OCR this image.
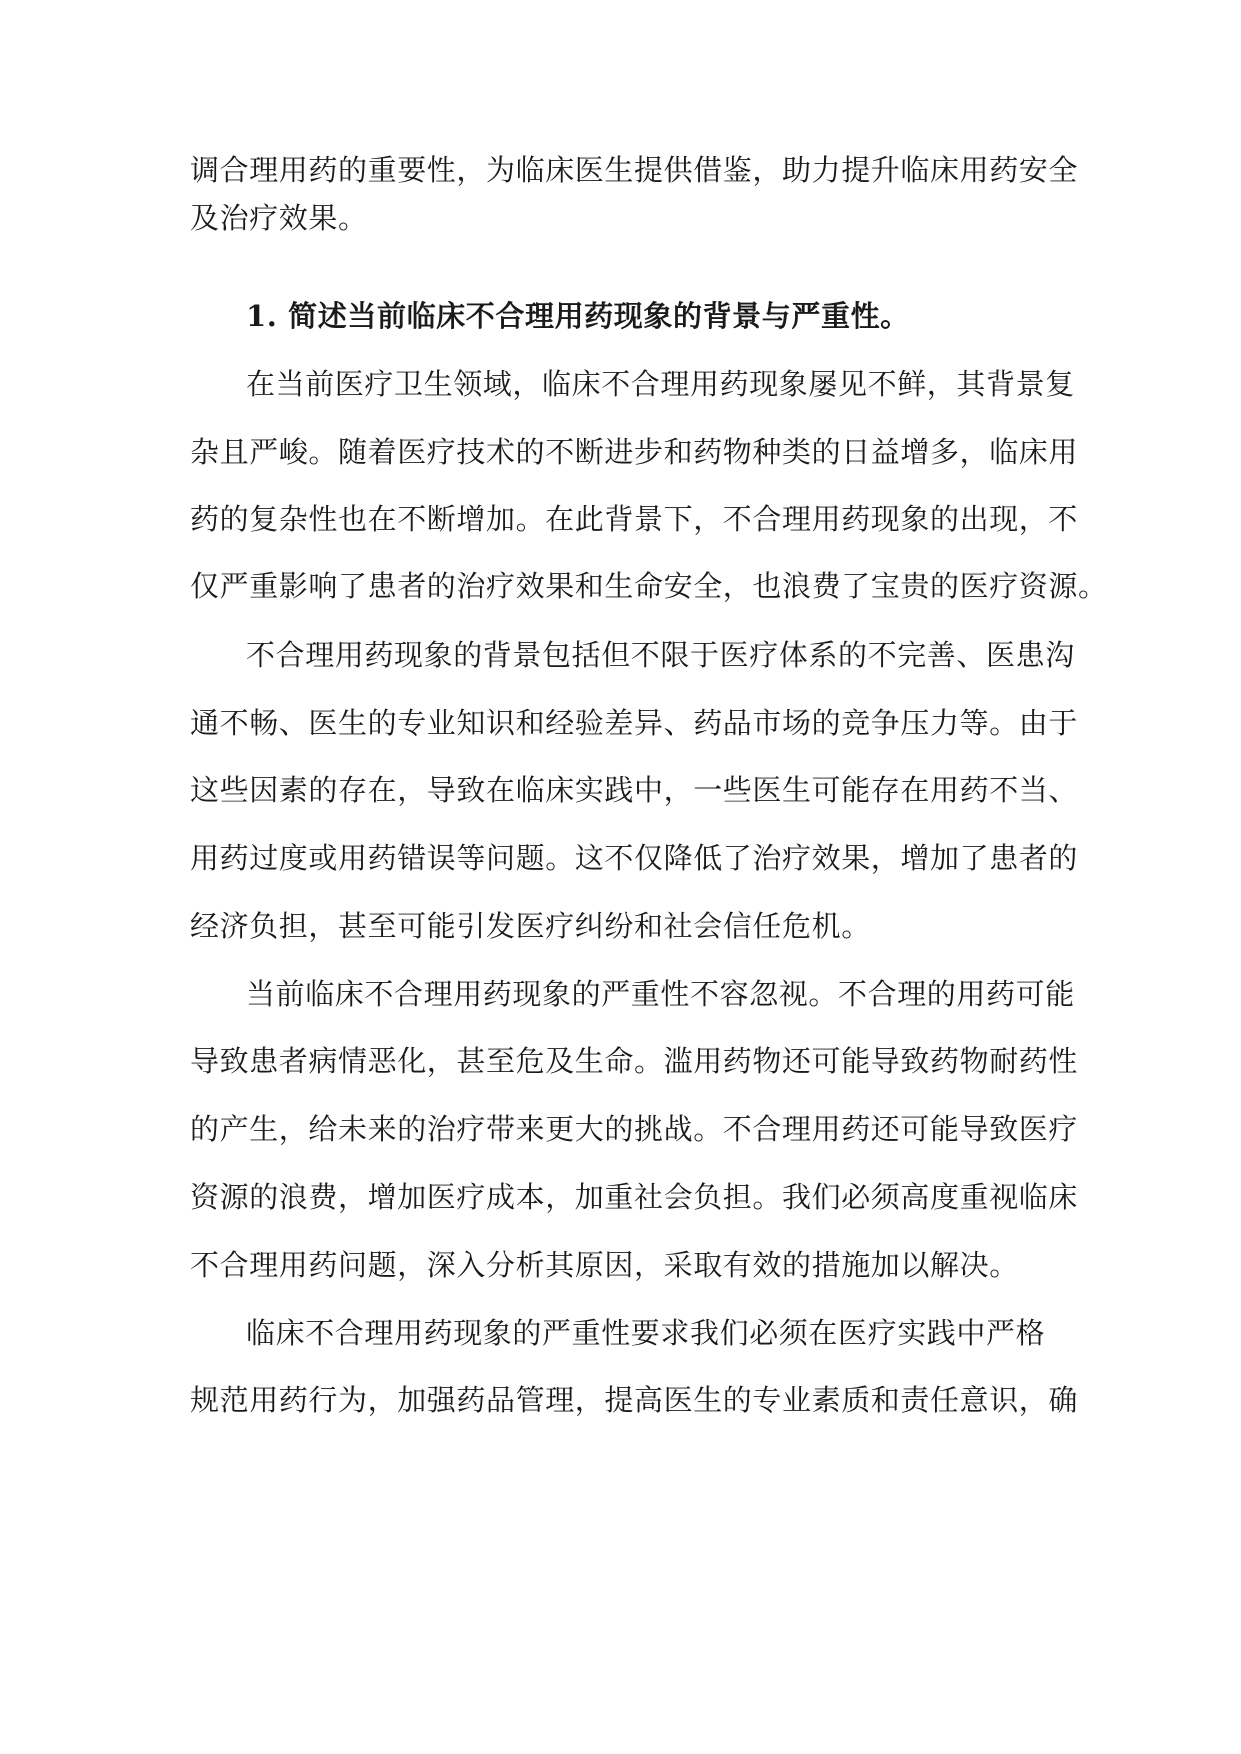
调合理用药的重要性，为临床医生提供借鉴，助力提升临床用药安全
及治疗效果。
1. 简述当前临床不合理用药现象的背景与严重性。
在当前医疗卫生领域，临床不合理用药现象屡见不鲜，其背景复
杂且严峻。随着医疗技术的不断进步和药物种类的日益增多，临床用
药的复杂性也在不断增加。在此背景下，不合理用药现象的出现，不
仅严重影响了患者的治疗效果和生命安全，也浪费了宝贵的医疗资源。
不合理用药现象的背景包括但不限于医疗体系的不完善、医患沟
通不畅、医生的专业知识和经验差异、药品市场的竞争压力等。由于
这些因素的存在，导致在临床实践中，一些医生可能存在用药不当、
用药过度或用药错误等问题。这不仅降低了治疗效果，增加了患者的
经济负担，甚至可能引发医疗纠纷和社会信任危机。
当前临床不合理用药现象的严重性不容忽视。不合理的用药可能
导致患者病情恶化，甚至危及生命。滥用药物还可能导致药物耐药性
的产生，给未来的治疗带来更大的挑战。不合理用药还可能导致医疗
资源的浪费，增加医疗成本，加重社会负担。我们必须高度重视临床
不合理用药问题，深入分析其原因，采取有效的措施加以解决。
临床不合理用药现象的严重性要求我们必须在医疗实践中严格
规范用药行为，加强药品管理，提高医生的专业素质和责任意识，确
